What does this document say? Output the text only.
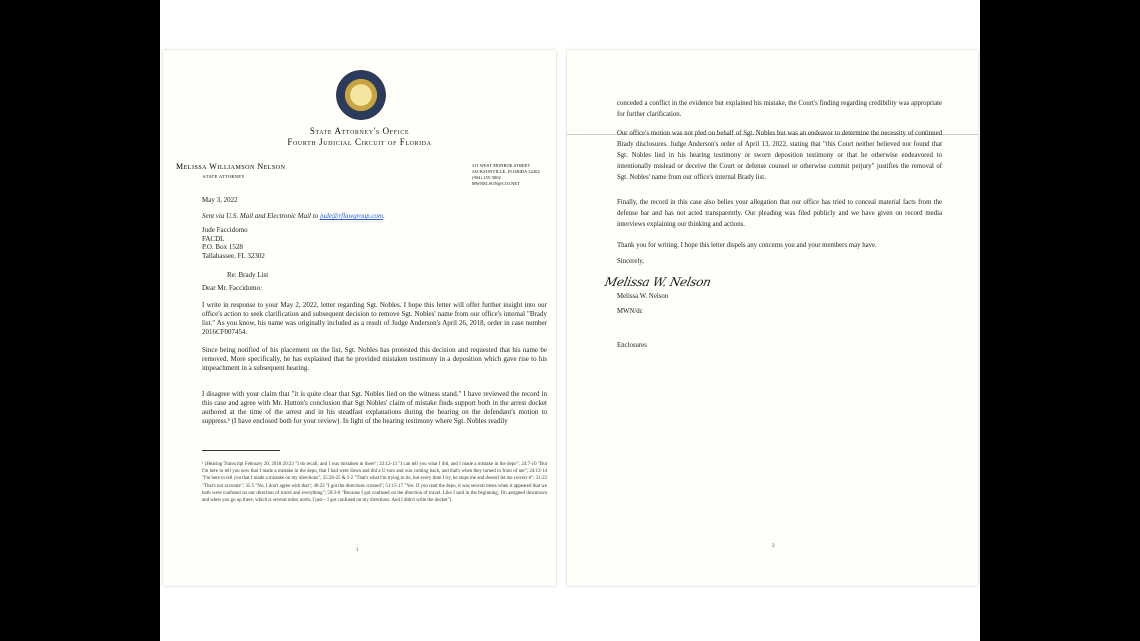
State Attorney's Office
Fourth Judicial Circuit of Florida
Melissa Williamson Nelson
STATE ATTORNEY
311 WEST MONROE STREET
JACKSONVILLE, FLORIDA 32202
(904) 255-3002
MWNELSON@COJ.NET
May 3, 2022
Sent via U.S. Mail and Electronic Mail to jude@rflawgroup.com.
Jude Faccidomo
FACDL
P.O. Box 1528
Tallahassee, FL 32302
Re: Brady List
Dear Mr. Faccidomo:
I write in response to your May 2, 2022, letter regarding Sgt. Nobles. I hope this letter will offer further insight into our office's action to seek clarification and subsequent decision to remove Sgt. Nobles' name from our office's internal "Brady list." As you know, his name was originally included as a result of Judge Anderson's April 26, 2018, order in case number 2016CF007454.
Since being notified of his placement on the list, Sgt. Nobles has protested this decision and requested that his name be removed. More specifically, he has explained that he provided mistaken testimony in a deposition which gave rise to his impeachment in a subsequent hearing.
I disagree with your claim that "it is quite clear that Sgt. Nobles lied on the witness stand." I have reviewed the record in this case and agree with Mr. Hutton's conclusion that Sgt Nobles' claim of mistake finds support both in the arrest docket authored at the time of the arrest and in his steadfast explanations during the hearing on the defendant's motion to suppress.¹ (I have enclosed both for your review). In light of the hearing testimony where Sgt. Nobles readily
¹ (Hearing Transcript February 20, 2018 20:23 "I do recall, and I was mistaken in there"; 23:12-13 "I can tell you what I did, and I made a mistake in the depo"; 24:7-10 "But I'm here to tell you now that I made a mistake in the depo, that I had went down and did a U-turn and was coming back, and that's when they turned in front of me"; 24:13-14 "I'm here to tell you that I made a mistake on my directions"; 25:26-25 & 1-2 "That's what I'm trying to do, but every time I try, he stops me and doesn't let me correct it"; 31:22 "That's not accurate"; 35:5 "No, I don't agree with that"; 40:23 "I got the directions crossed"; 51:15-17 "Yes. If you read the depo, it was several times when it appeared that we both were confused on our direction of travel and everything"; 59:3-8 "Because I got confused on the direction of travel. Like I said in the beginning, I'm assigned downtown and when you go up there, which is several miles north, I just – I got confused on my directions. And I didn't write the docket").
1
conceded a conflict in the evidence but explained his mistake, the Court's finding regarding credibility was appropriate for further clarification.
Our office's motion was not pled on behalf of Sgt. Nobles but was an endeavor to determine the necessity of continued Brady disclosures. Judge Anderson's order of April 13, 2022, stating that "this Court neither believed nor found that Sgt. Nobles lied in his hearing testimony or sworn deposition testimony or that he otherwise endeavored to intentionally mislead or deceive the Court or defense counsel or otherwise commit perjury" justifies the removal of Sgt. Nobles' name from our office's internal Brady list.
Finally, the record in this case also belies your allegation that our office has tried to conceal material facts from the defense bar and has not acted transparently. Our pleading was filed publicly and we have given on record media interviews explaining our thinking and actions.
Thank you for writing. I hope this letter dispels any concerns you and your members may have.
Sincerely,
Melissa W. Nelson
Melissa W. Nelson
MWN/dc
Enclosures
2
